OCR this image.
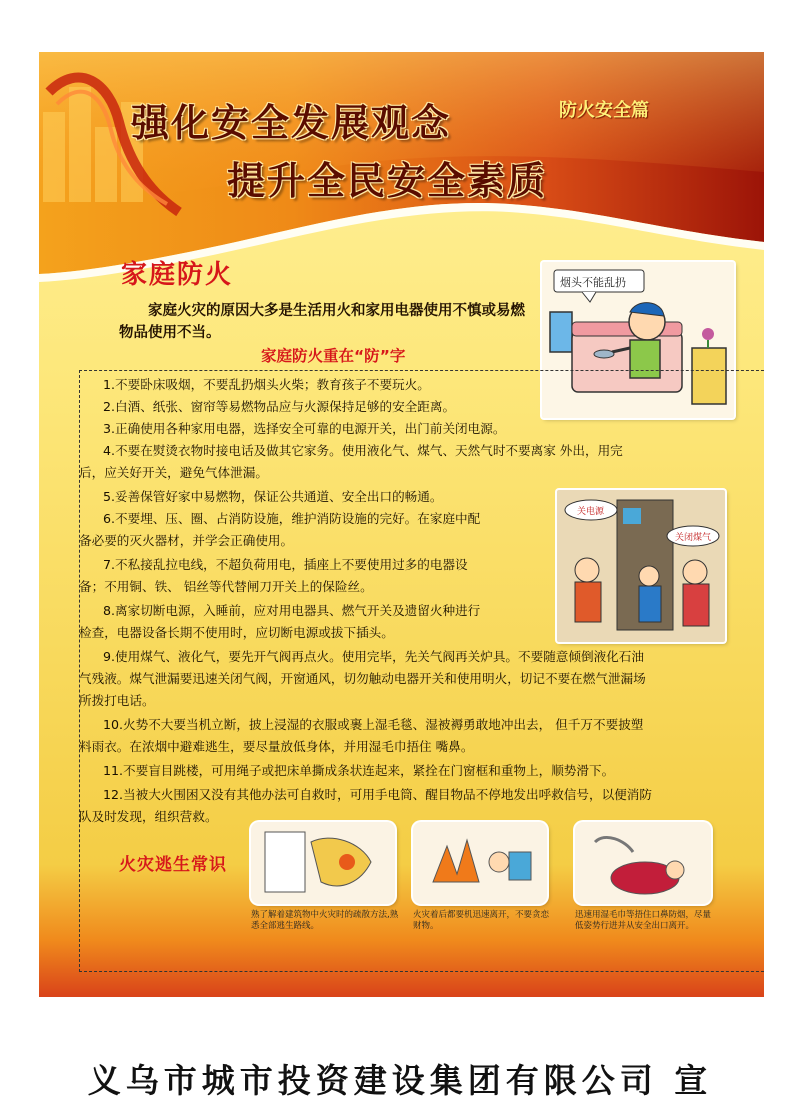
强化安全发展观念
提升全民安全素质
防火安全篇
家庭防火
家庭火灾的原因大多是生活用火和家用电器使用不慎或易燃物品使用不当。
家庭防火重在“防”字
烟头不能乱扔
关电源
关闭煤气
1.不要卧床吸烟，不要乱扔烟头火柴；教育孩子不要玩火。
2.白酒、纸张、窗帘等易燃物品应与火源保持足够的安全距离。
3.正确使用各种家用电器，选择安全可靠的电源开关，出门前关闭电源。
4.不要在熨烫衣物时接电话及做其它家务。使用液化气、煤气、天然气时不要离家 外出，用完
后，应关好开关，避免气体泄漏。
5.妥善保管好家中易燃物，保证公共通道、安全出口的畅通。
6.不要埋、压、圈、占消防设施，维护消防设施的完好。在家庭中配
备必要的灭火器材，并学会正确使用。
7.不私接乱拉电线，不超负荷用电，插座上不要使用过多的电器设
备；不用铜、铁、 铝丝等代替闸刀开关上的保险丝。
8.离家切断电源，入睡前，应对用电器具、燃气开关及遗留火种进行
检查，电器设备长期不使用时，应切断电源或拔下插头。
9.使用煤气、液化气，要先开气阀再点火。使用完毕，先关气阀再关炉具。不要随意倾倒液化石油
气残液。煤气泄漏要迅速关闭气阀，开窗通风，切勿触动电器开关和使用明火，切记不要在燃气泄漏场
所拨打电话。
10.火势不大要当机立断，披上浸湿的衣服或裹上湿毛毯、湿被褥勇敢地冲出去， 但千万不要披塑
料雨衣。在浓烟中避难逃生，要尽量放低身体，并用湿毛巾捂住 嘴鼻。
11.不要盲目跳楼，可用绳子或把床单撕成条状连起来，紧拴在门窗框和重物上，顺势滑下。
12.当被大火围困又没有其他办法可自救时，可用手电筒、醒目物品不停地发出呼救信号，以便消防
队及时发现，组织营救。
火灾逃生常识
熟了解着建筑物中火灾时的疏散方法,熟悉全部逃生路线。
火灾着后都要机迅速离开，不要贪恋财物。
迅速用湿毛巾等捂住口鼻防烟，尽量低姿势行进并从安全出口离开。
义乌市城市投资建设集团有限公司 宣
